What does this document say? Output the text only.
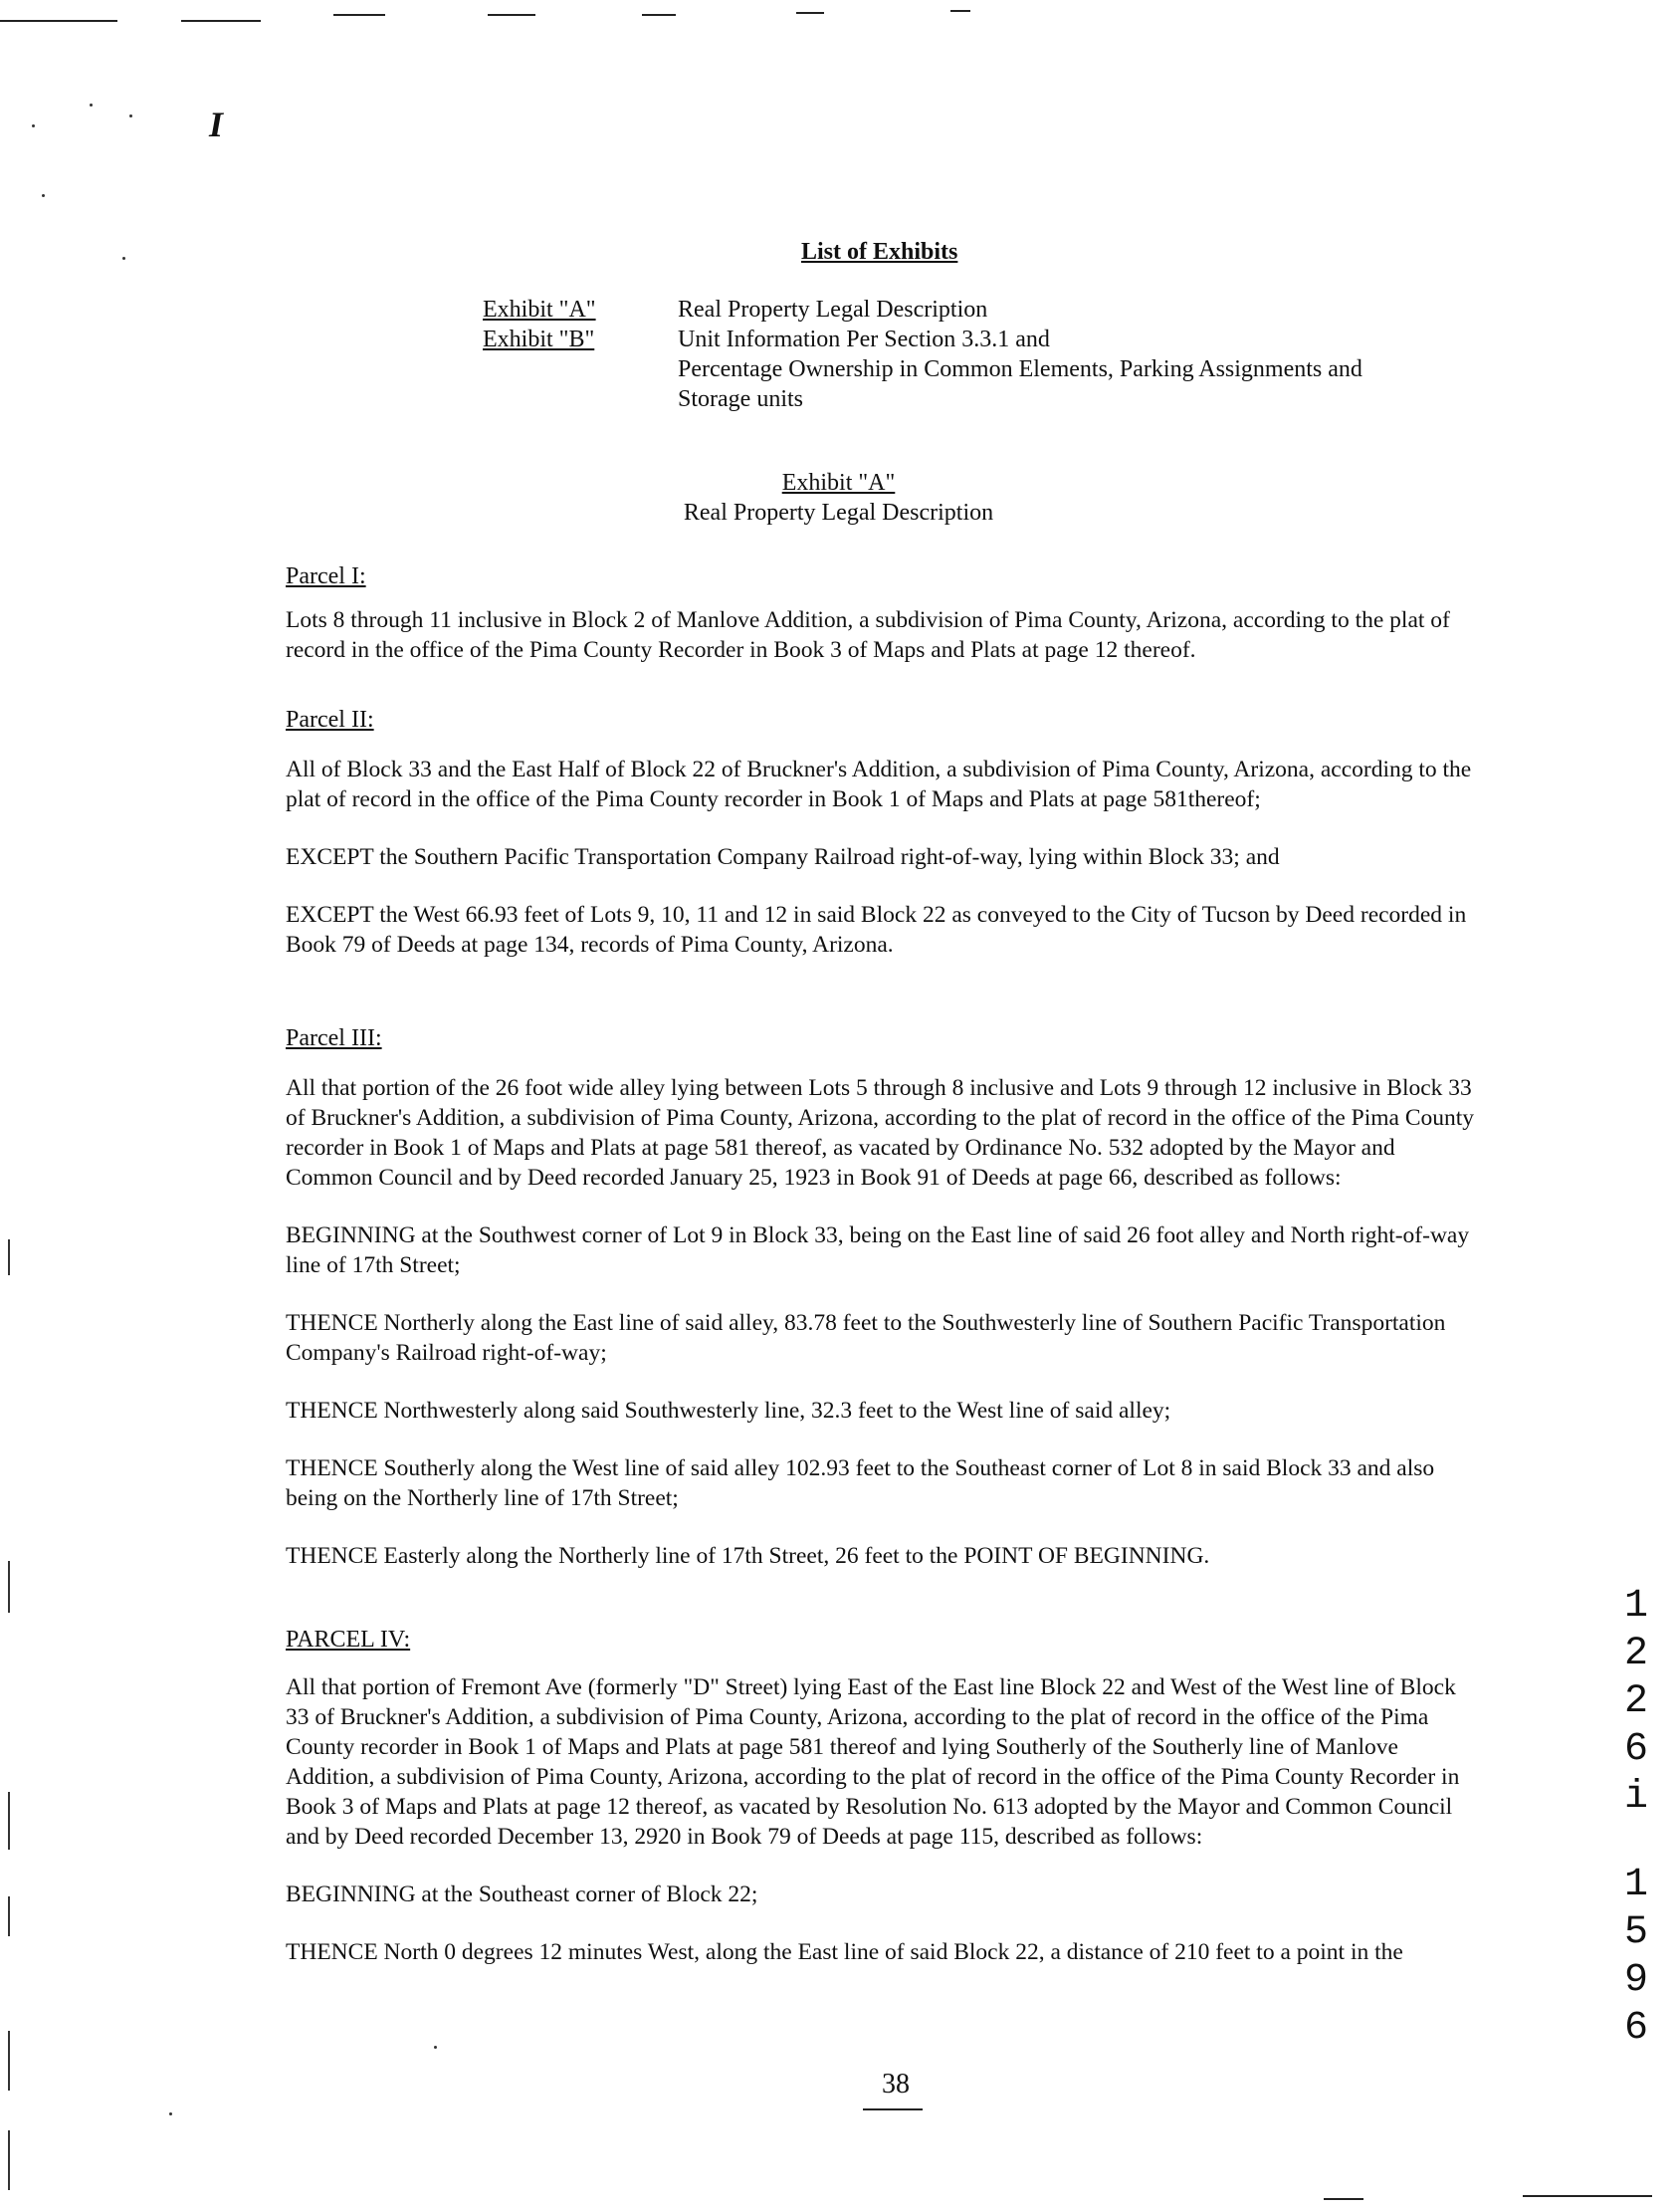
I
List of Exhibits
Exhibit "A"	Real Property Legal Description
Exhibit "B"	Unit Information Per Section 3.3.1 and
Percentage Ownership in Common Elements, Parking Assignments and
Storage units
Exhibit "A"
Real Property Legal Description
Parcel I:

Lots 8 through 11 inclusive in Block 2 of Manlove Addition, a subdivision of Pima County, Arizona, according to the plat of record in the office of the Pima County Recorder in Book 3 of Maps and Plats at page 12 thereof.

Parcel II:

All of Block 33 and the East Half of Block 22 of Bruckner's Addition, a subdivision of Pima County, Arizona, according to the plat of record in the office of the Pima County recorder in Book 1 of Maps and Plats at page 581thereof;

EXCEPT the Southern Pacific Transportation Company Railroad right-of-way, lying within Block 33; and

EXCEPT the West 66.93 feet of Lots 9, 10, 11 and 12 in said Block 22 as conveyed to the City of Tucson by Deed recorded in Book 79 of Deeds at page 134, records of Pima County, Arizona.

Parcel III:

All that portion of the 26 foot wide alley lying between Lots 5 through 8 inclusive and Lots 9 through 12 inclusive in Block 33 of Bruckner's Addition, a subdivision of Pima County, Arizona, according to the plat of record in the office of the Pima County recorder in Book 1 of Maps and Plats at page 581 thereof, as vacated by Ordinance No. 532 adopted by the Mayor and Common Council and by Deed recorded January 25, 1923 in Book 91 of Deeds at page 66, described as follows:

BEGINNING at the Southwest corner of Lot 9 in Block 33, being on the East line of said 26 foot alley and North right-of-way line of 17th Street;

THENCE Northerly along the East line of said alley, 83.78 feet to the Southwesterly line of Southern Pacific Transportation Company's Railroad right-of-way;

THENCE Northwesterly along said Southwesterly line, 32.3 feet to the West line of said alley;

THENCE Southerly along the West line of said alley 102.93 feet to the Southeast corner of Lot 8 in said Block 33 and also being on the Northerly line of 17th Street;

THENCE Easterly along the Northerly line of 17th Street, 26 feet to the POINT OF BEGINNING.

PARCEL IV:

All that portion of Fremont Ave (formerly "D" Street) lying East of the East line Block 22 and West of the West line of Block 33 of Bruckner's Addition, a subdivision of Pima County, Arizona, according to the plat of record in the office of the Pima County recorder in Book 1 of Maps and Plats at page 581 thereof and lying Southerly of the Southerly line of Manlove Addition, a subdivision of Pima County, Arizona, according to the plat of record in the office of the Pima County Recorder in Book 3 of Maps and Plats at page 12 thereof, as vacated by Resolution No. 613 adopted by the Mayor and Common Council and by Deed recorded December 13, 2920 in Book 79 of Deeds at page 115, described as follows:

BEGINNING at the Southeast corner of Block 22;

THENCE North 0 degrees 12 minutes West, along the East line of said Block 22, a distance of 210 feet to a point in the

1
2
2
6
i
1
5
9
6
38
